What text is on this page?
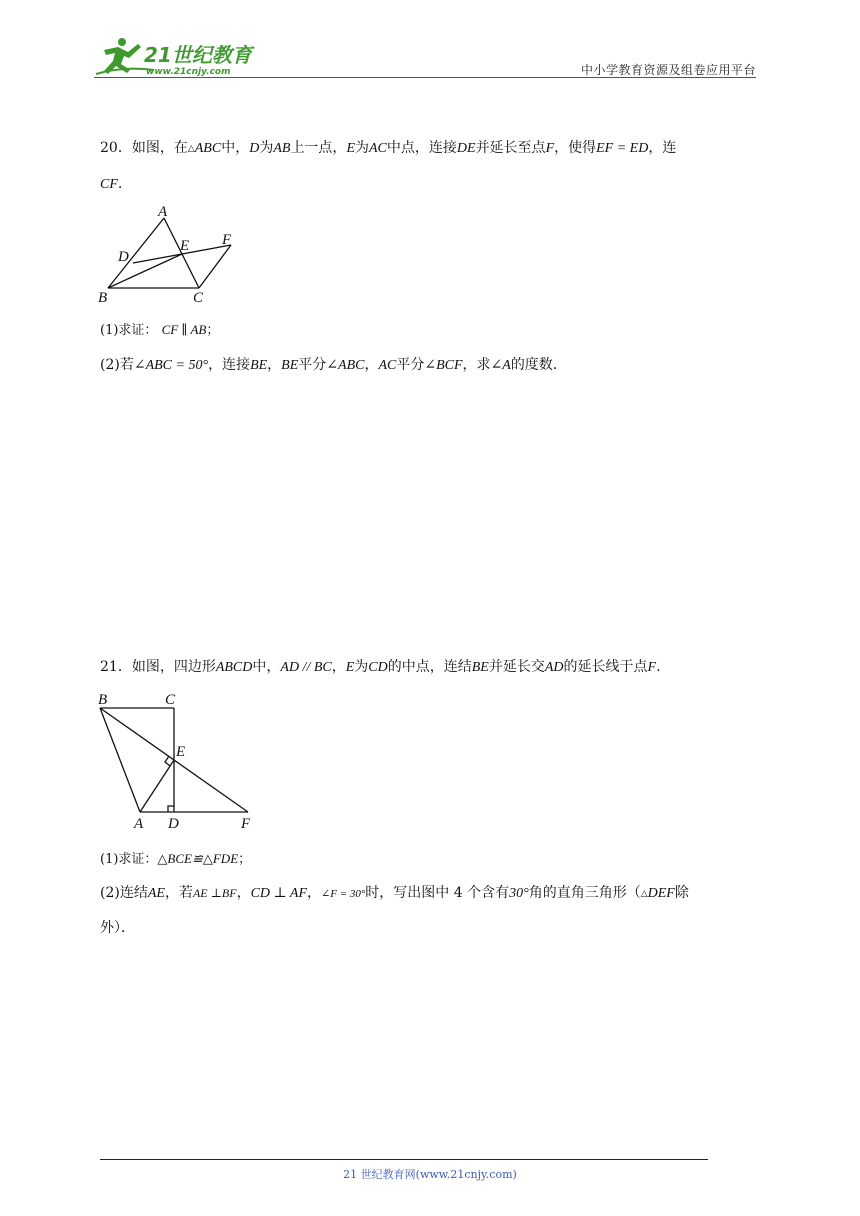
21世纪教育
www.21cnjy.com	中小学教育资源及组卷应用平台
20．如图，在△ABC中，D为AB上一点，E为AC中点，连接DE并延长至点F，使得EF = ED，连
CF.
A
D
E F
B	C
(1)求证： CF ∥ AB；
(2)若∠ABC = 50°，连接BE，BE平分∠ABC，AC平分∠BCF，求∠A的度数．
21．如图，四边形ABCD中，AD // BC，E为CD的中点，连结BE并延长交AD的延长线于点F.
B	C
E
A D	F
(1)求证：△BCE≌△FDE；
(2)连结AE，若AE ⊥BF，CD ⊥ AF，∠F = 30°时，写出图中 4 个含有30°角的直角三角形（△DEF除
外）．
21 世纪教育网(www.21cnjy.com)
